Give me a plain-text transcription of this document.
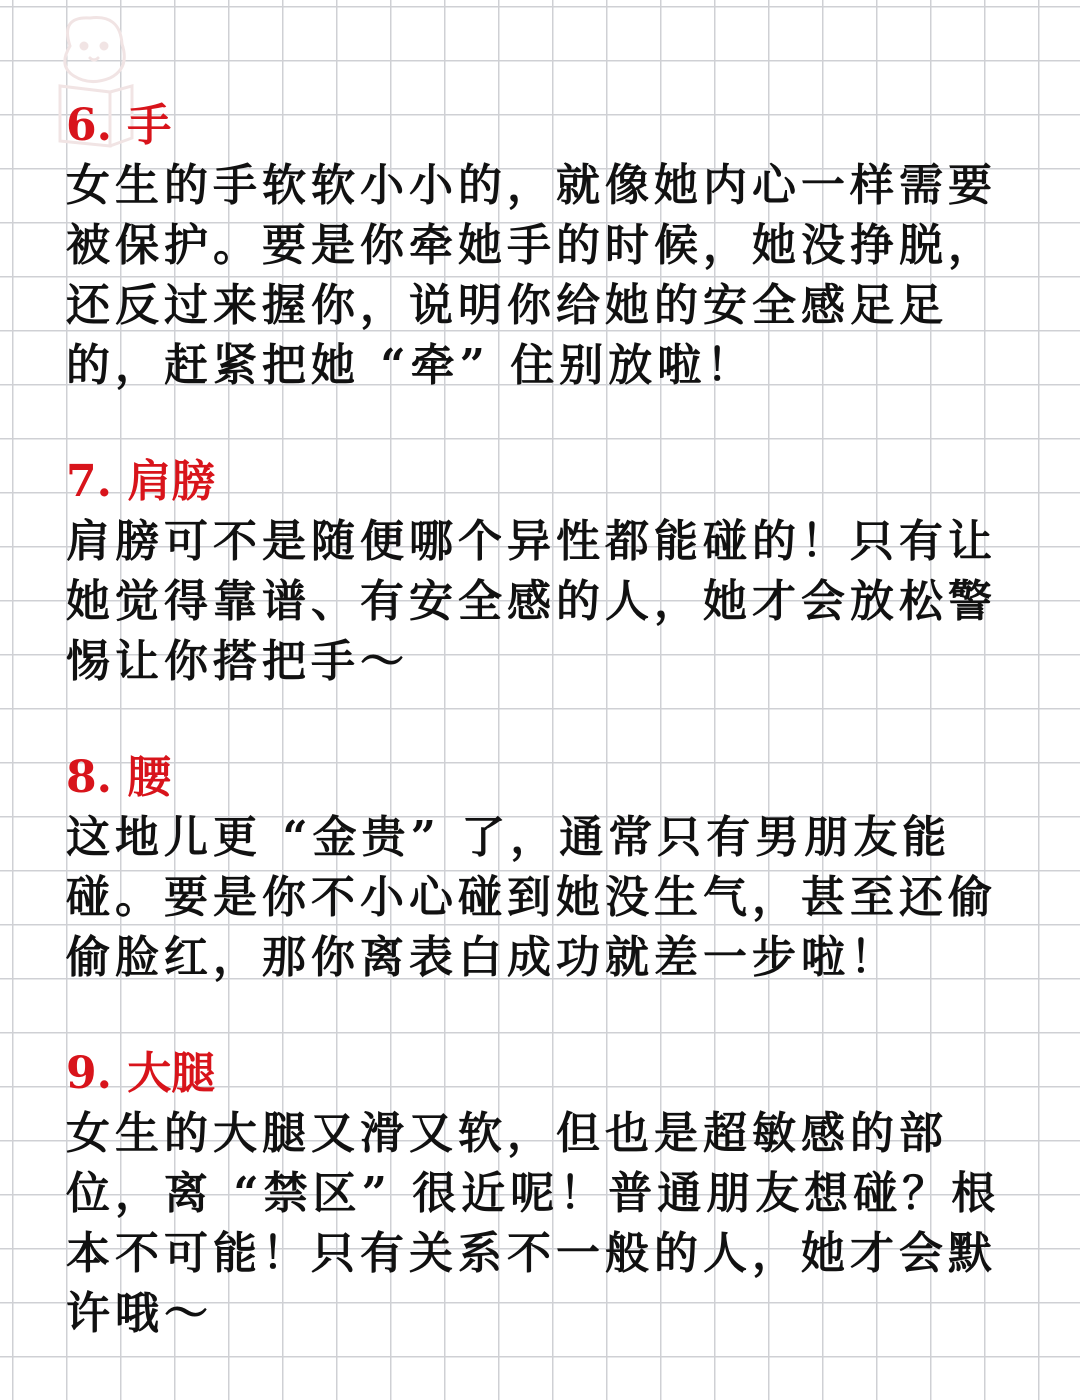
6. 手

女生的手软软小小的，就像她内心一样需要被保护。要是你牵她手的时候，她没挣脱，还反过来握你，说明你给她的安全感足足的，赶紧把她 “牵” 住别放啦！

7. 肩膀

肩膀可不是随便哪个异性都能碰的！只有让她觉得靠谱、有安全感的人，她才会放松警惕让你搭把手～

8. 腰

这地儿更 “金贵” 了，通常只有男朋友能碰。要是你不小心碰到她没生气，甚至还偷偷脸红，那你离表白成功就差一步啦！

9. 大腿

女生的大腿又滑又软，但也是超敏感的部位，离 “禁区” 很近呢！普通朋友想碰？根本不可能！只有关系不一般的人，她才会默许哦～
